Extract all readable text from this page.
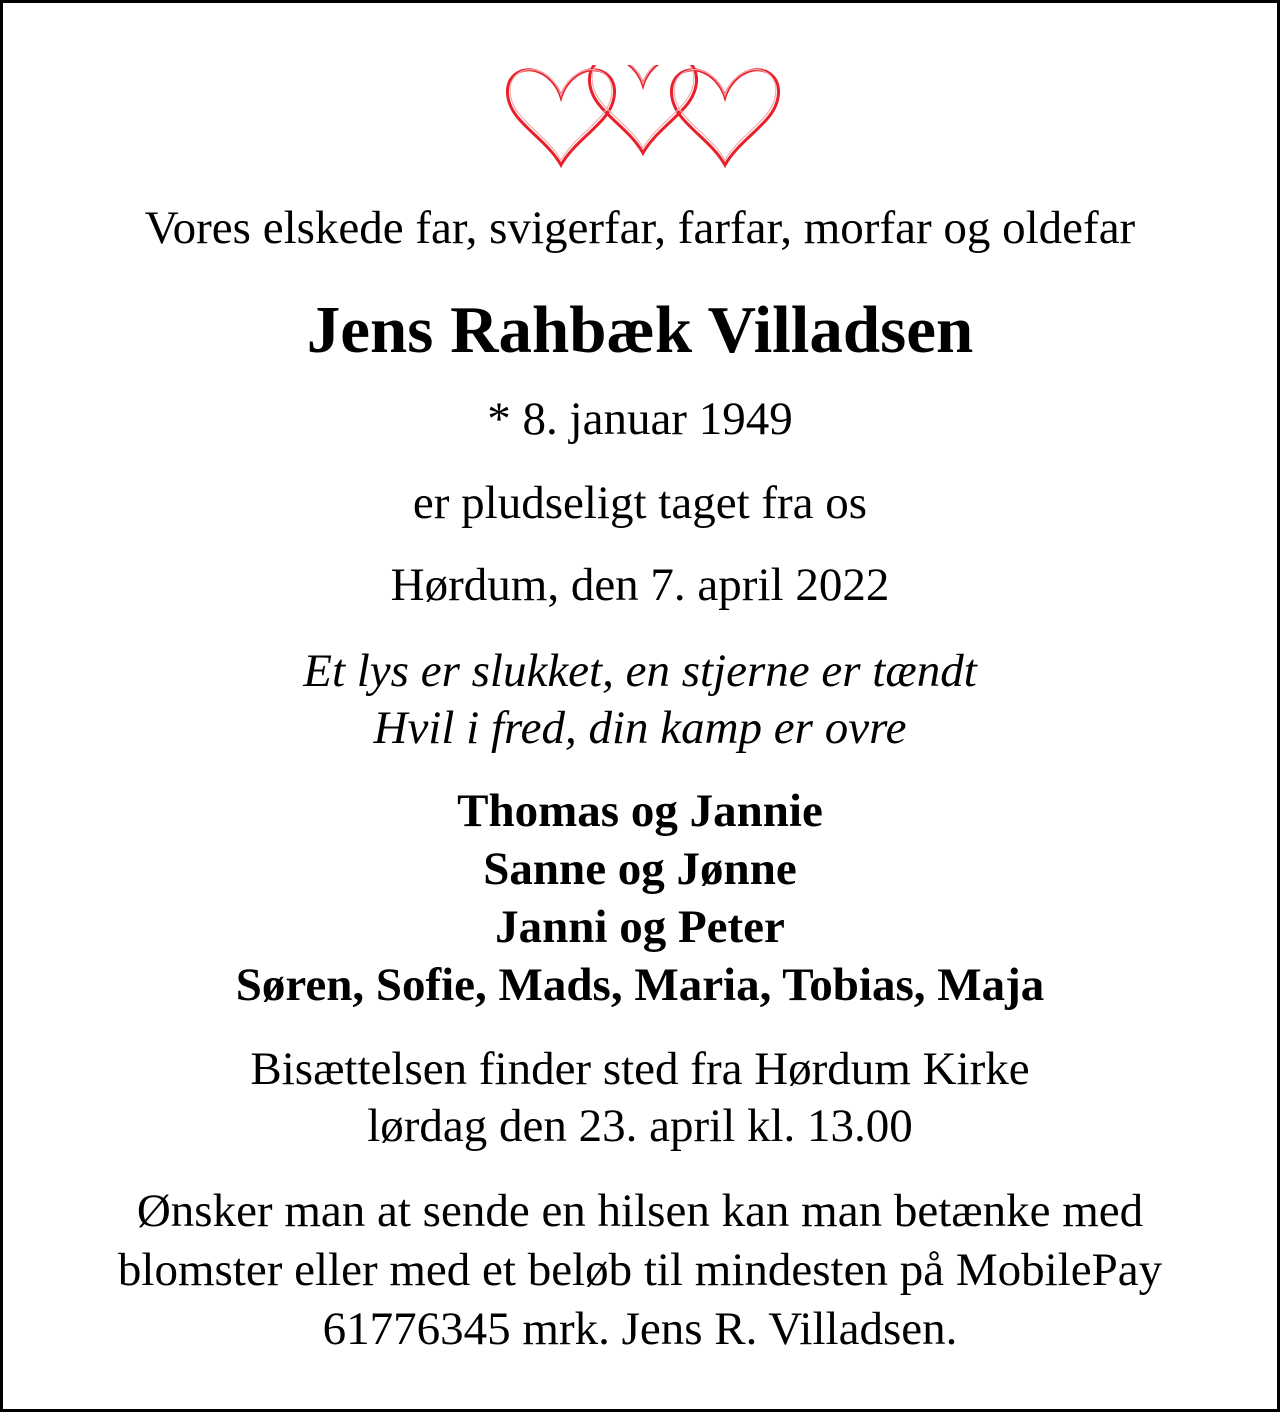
Vores elskede far, svigerfar, farfar, morfar og oldefar

Jens Rahbæk Villadsen

* 8. januar 1949

er pludseligt taget fra os

Hørdum, den 7. april 2022

Et lys er slukket, en stjerne er tændt
Hvil i fred, din kamp er ovre
Thomas og Jannie
Sanne og Jønne
Janni og Peter
Søren, Sofie, Mads, Maria, Tobias, Maja
Bisættelsen finder sted fra Hørdum Kirke
lørdag den 23. april kl. 13.00
Ønsker man at sende en hilsen kan man betænke med
blomster eller med et beløb til mindesten på MobilePay
61776345 mrk. Jens R. Villadsen.
